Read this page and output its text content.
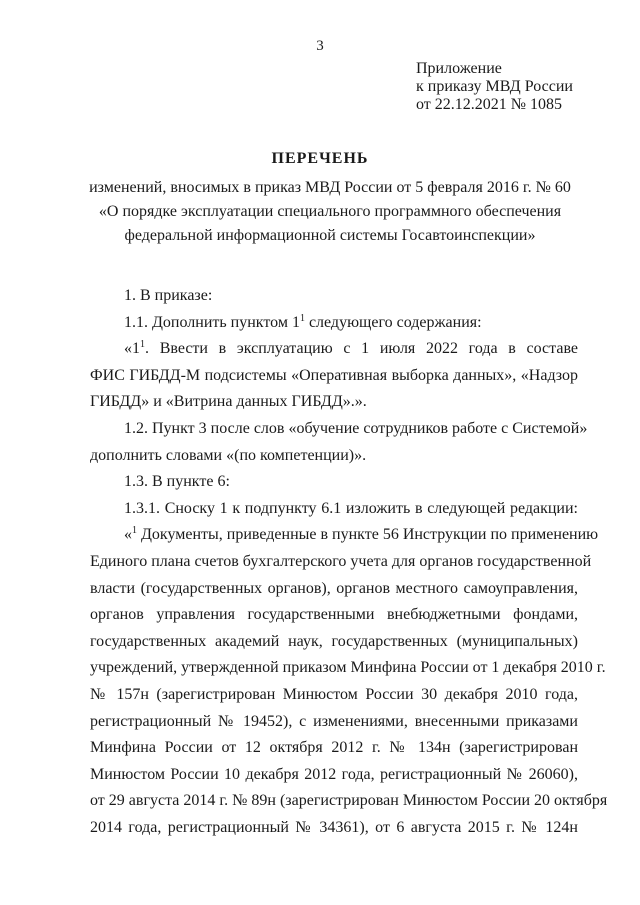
3
Приложение
к приказу МВД России
от 22.12.2021 № 1085
ПЕРЕЧЕНЬ
изменений, вносимых в приказ МВД России от 5 февраля 2016 г. № 60
«О порядке эксплуатации специального программного обеспечения
федеральной информационной системы Госавтоинспекции»
1. В приказе:
1.1. Дополнить пунктом $1^1$ следующего содержания:
«$1^1$. Ввести в эксплуатацию с 1 июля 2022 года в составе
ФИС ГИБДД-М подсистемы «Оперативная выборка данных», «Надзор
ГИБДД» и «Витрина данных ГИБДД».».
1.2. Пункт 3 после слов «обучение сотрудников работе с Системой»
дополнить словами «(по компетенции)».
1.3. В пункте 6:
1.3.1. Сноску 1 к подпункту 6.1 изложить в следующей редакции:
«$^1$ Документы, приведенные в пункте 56 Инструкции по применению
Единого плана счетов бухгалтерского учета для органов государственной
власти (государственных органов), органов местного самоуправления,
органов управления государственными внебюджетными фондами,
государственных академий наук, государственных (муниципальных)
учреждений, утвержденной приказом Минфина России от 1 декабря 2010 г.
№ 157н (зарегистрирован Минюстом России 30 декабря 2010 года,
регистрационный № 19452), с изменениями, внесенными приказами
Минфина России от 12 октября 2012 г. № 134н (зарегистрирован
Минюстом России 10 декабря 2012 года, регистрационный № 26060),
от 29 августа 2014 г. № 89н (зарегистрирован Минюстом России 20 октября
2014 года, регистрационный № 34361), от 6 августа 2015 г. № 124н
